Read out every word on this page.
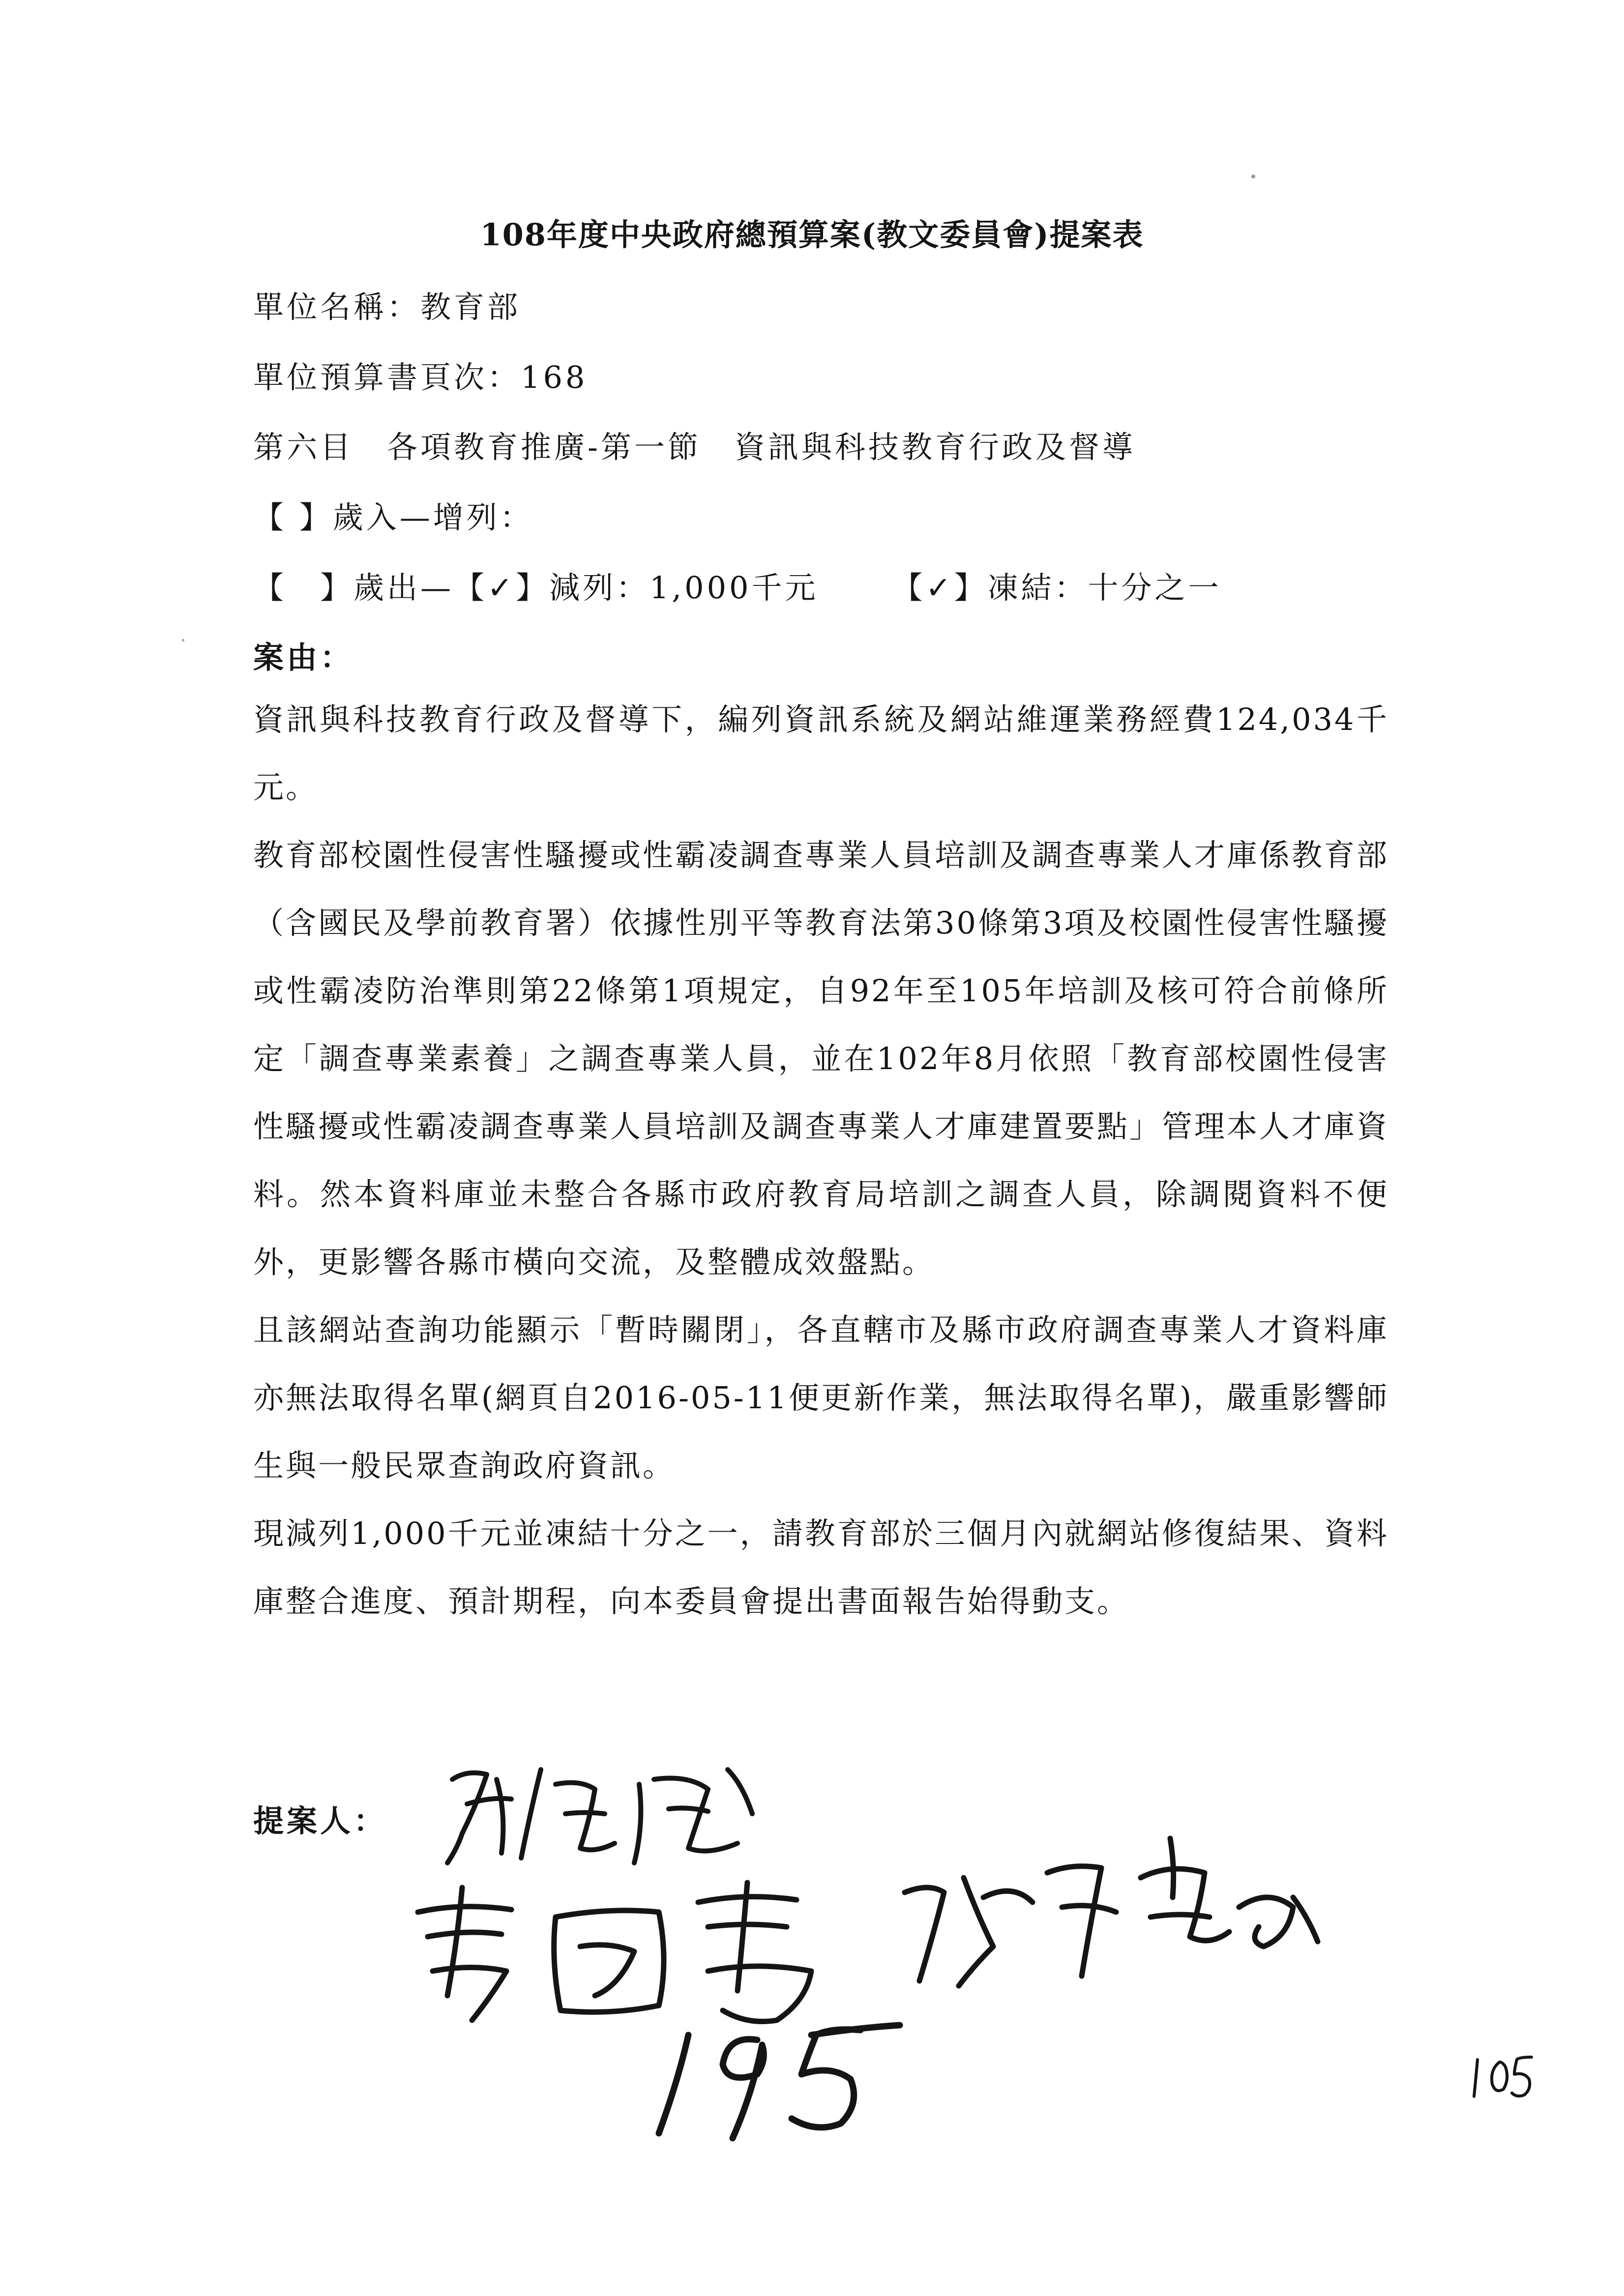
108年度中央政府總預算案(教文委員會)提案表
單位名稱：教育部
單位預算書頁次：168
第六目　各項教育推廣-第一節　資訊與科技教育行政及督導
【 】歲入—增列：
【　】歲出—【✓】減列：1,000千元 【✓】凍結：十分之一
案由：

資訊與科技教育行政及督導下，編列資訊系統及網站維運業務經費124,034千元。

教育部校園性侵害性騷擾或性霸凌調查專業人員培訓及調查專業人才庫係教育部（含國民及學前教育署）依據性別平等教育法第30條第3項及校園性侵害性騷擾或性霸凌防治準則第22條第1項規定，自92年至105年培訓及核可符合前條所定「調查專業素養」之調查專業人員，並在102年8月依照「教育部校園性侵害性騷擾或性霸凌調查專業人員培訓及調查專業人才庫建置要點」管理本人才庫資料。然本資料庫並未整合各縣市政府教育局培訓之調查人員，除調閱資料不便外，更影響各縣市橫向交流，及整體成效盤點。

且該網站查詢功能顯示「暫時關閉」，各直轄市及縣市政府調查專業人才資料庫亦無法取得名單(網頁自2016-05-11便更新作業，無法取得名單)，嚴重影響師生與一般民眾查詢政府資訊。

現減列1,000千元並凍結十分之一，請教育部於三個月內就網站修復結果、資料庫整合進度、預計期程，向本委員會提出書面報告始得動支。

提案人：
